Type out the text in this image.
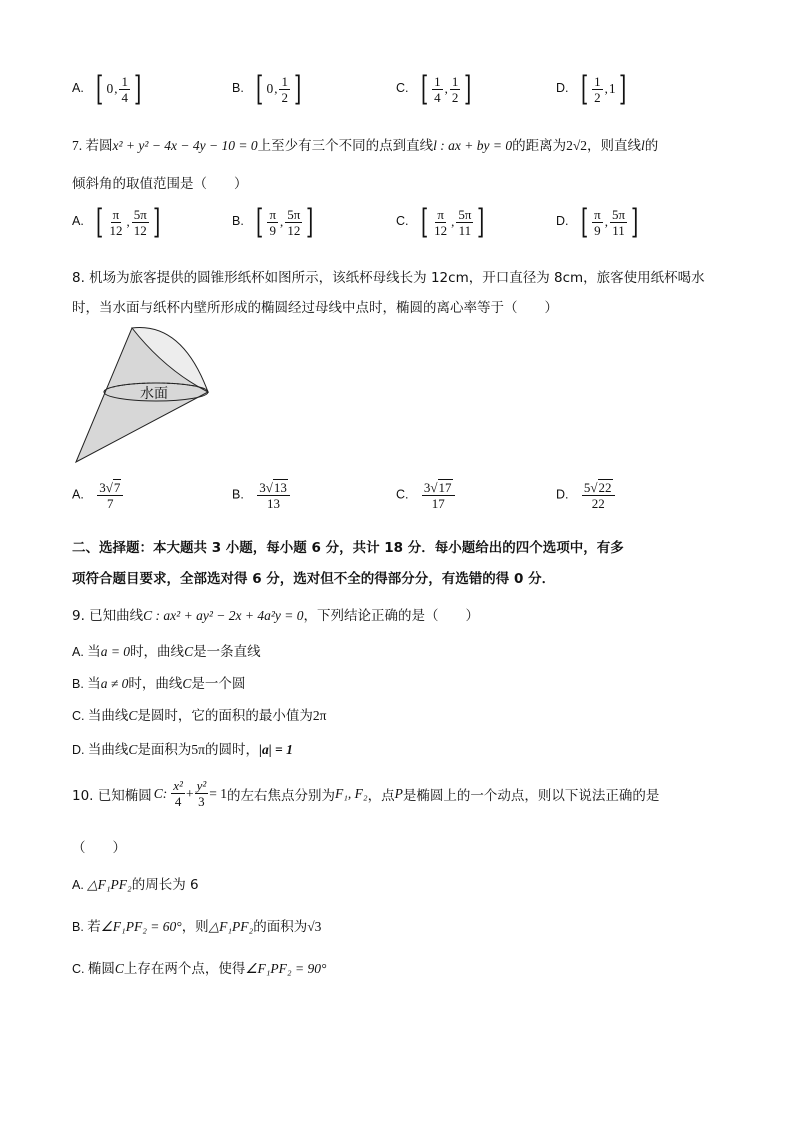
A. [ 0 , $\frac{1}{4}$ ]	B. [ 0 , $\frac{1}{2}$ ]	C. [ $\frac{1}{4}$ , $\frac{1}{2}$ ]	D. [ $\frac{1}{2}$ , 1 ]
7. 若圆x² + y² − 4x − 4y − 10 = 0上至少有三个不同的点到直线l : ax + by = 0的距离为2√2，则直线l的
倾斜角的取值范围是（　　）
A. [ $\frac{\pi}{12}$ , $\frac{5\pi}{12}$ ]	B. [ $\frac{\pi}{9}$ , $\frac{5\pi}{12}$ ]	C. [ $\frac{\pi}{12}$ , $\frac{5\pi}{11}$ ]	D. [ $\frac{\pi}{9}$ , $\frac{5\pi}{11}$ ]
8. 机场为旅客提供的圆锥形纸杯如图所示，该纸杯母线长为 12cm，开口直径为 8cm，旅客使用纸杯喝水
时，当水面与纸杯内壁所形成的椭圆经过母线中点时，椭圆的离心率等于（　　）
水面
A. $\frac{3√7}{7}$	B. $\frac{3√13}{13}$	C. $\frac{3√17}{17}$	D. $\frac{5√22}{22}$
二、选择题：本大题共 3 小题，每小题 6 分，共计 18 分．每小题给出的四个选项中，有多
项符合题目要求，全部选对得 6 分，选对但不全的得部分分，有选错的得 0 分．
9. 已知曲线C : ax² + ay² − 2x + 4a²y = 0，下列结论正确的是（　　）
A. 当a = 0时，曲线C是一条直线
B. 当a ≠ 0时，曲线C是一个圆
C. 当曲线C是圆时，它的面积的最小值为2π
D. 当曲线C是面积为5π的圆时，|a| = 1
10. 已知椭圆 C: $\frac{\text{x²}}{4} + \frac{\text{y²}}{3} = 1$ 的左右焦点分别为 F₁, F₂ ，点 P 是椭圆上的一个动点，则以下说法正确的是
（　　）
A. △F₁PF₂的周长为 6
B. 若∠F₁PF₂ = 60°，则△F₁PF₂的面积为√3
C. 椭圆C上存在两个点，使得∠F₁PF₂ = 90°
